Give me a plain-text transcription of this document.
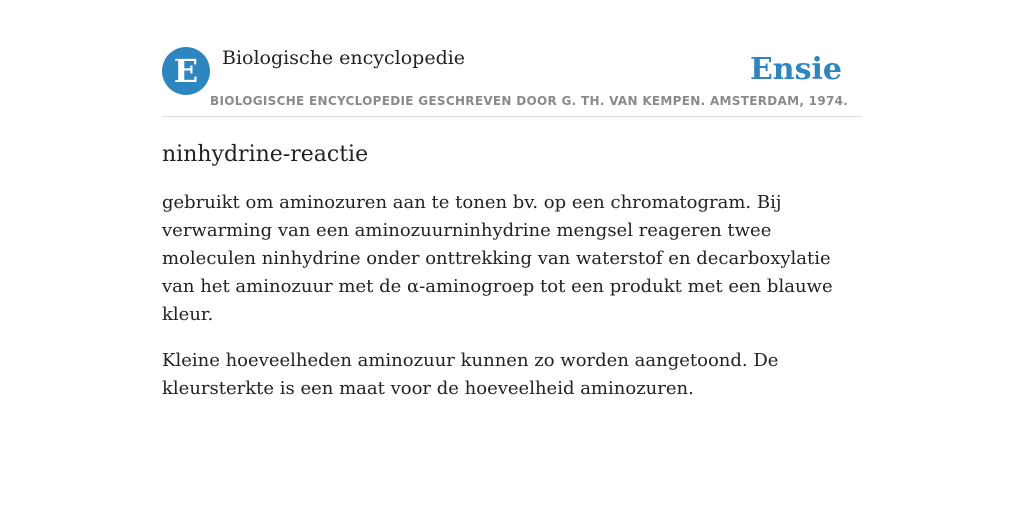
E	Biologische encyclopedie	Ensie
BIOLOGISCHE ENCYCLOPEDIE GESCHREVEN DOOR G. TH. VAN KEMPEN. AMSTERDAM, 1974.
ninhydrine-reactie

gebruikt om aminozuren aan te tonen bv. op een chromatogram. Bij verwarming van een aminozuurninhydrine mengsel reageren twee moleculen ninhydrine onder onttrekking van waterstof en decarboxylatie van het aminozuur met de α-aminogroep tot een produkt met een blauwe kleur.

Kleine hoeveelheden aminozuur kunnen zo worden aangetoond. De kleursterkte is een maat voor de hoeveelheid aminozuren.
